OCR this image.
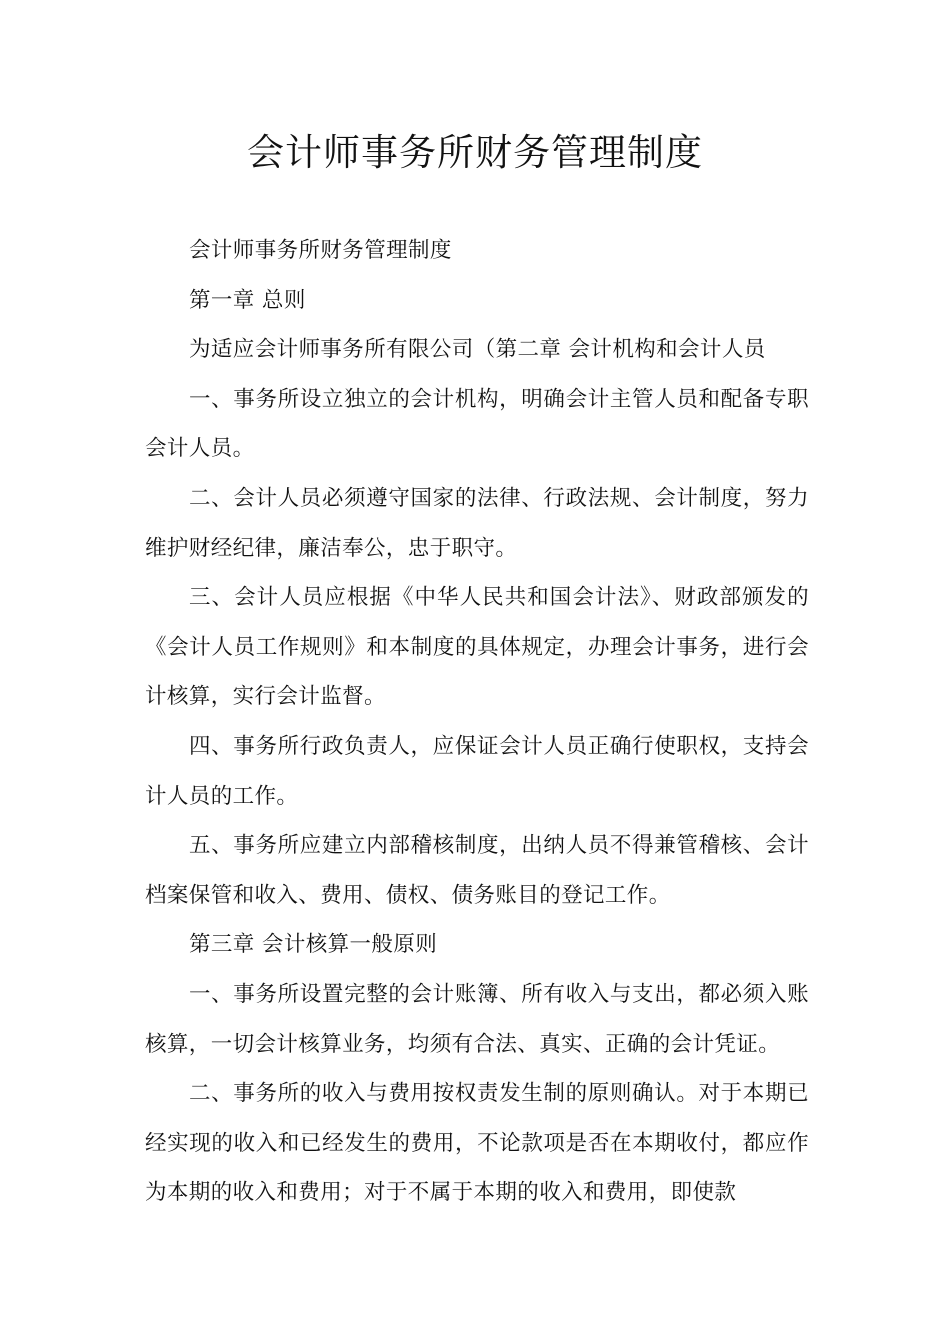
会计师事务所财务管理制度

会计师事务所财务管理制度

第一章 总则

为适应会计师事务所有限公司（第二章 会计机构和会计人员

一、事务所设立独立的会计机构，明确会计主管人员和配备专职会计人员。

二、会计人员必须遵守国家的法律、行政法规、会计制度，努力维护财经纪律，廉洁奉公，忠于职守。

三、会计人员应根据《中华人民共和国会计法》、财政部颁发的《会计人员工作规则》和本制度的具体规定，办理会计事务，进行会计核算，实行会计监督。

四、事务所行政负责人，应保证会计人员正确行使职权，支持会计人员的工作。

五、事务所应建立内部稽核制度，出纳人员不得兼管稽核、会计档案保管和收入、费用、债权、债务账目的登记工作。

第三章 会计核算一般原则

一、事务所设置完整的会计账簿、所有收入与支出，都必须入账核算，一切会计核算业务，均须有合法、真实、正确的会计凭证。

二、事务所的收入与费用按权责发生制的原则确认。对于本期已经实现的收入和已经发生的费用，不论款项是否在本期收付，都应作为本期的收入和费用；对于不属于本期的收入和费用，即使款
